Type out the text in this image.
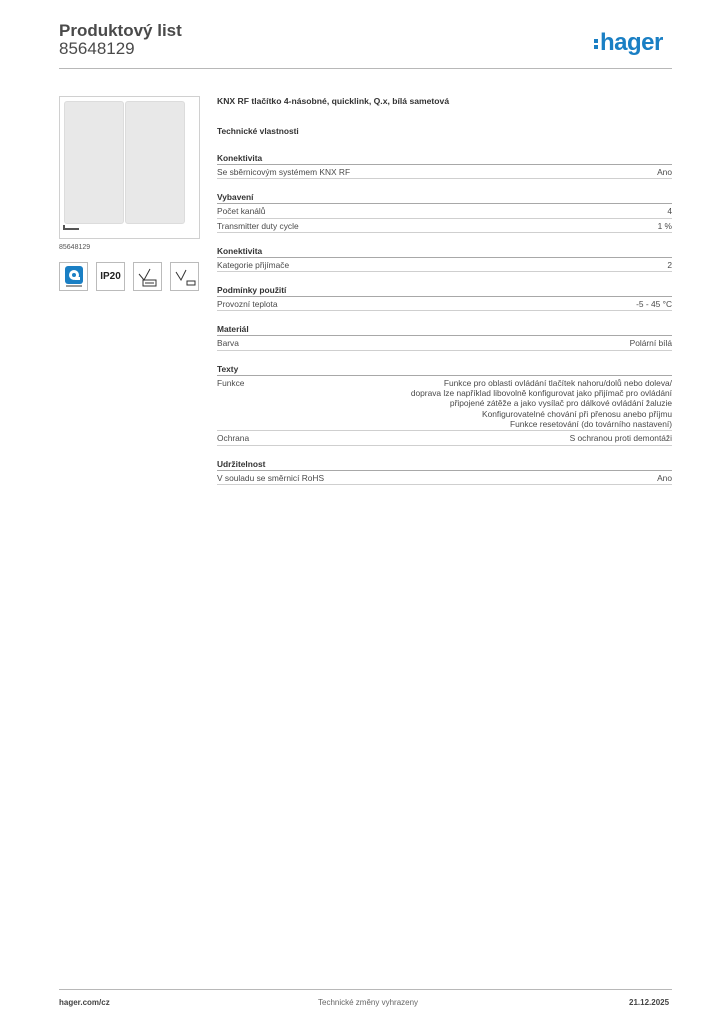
Produktový list
85648129	hager
85648129
IP20
KNX RF tlačítko 4-násobné, quicklink, Q.x, bílá sametová
Technické vlastnosti
Konektivita
Se sběrnicovým systémem KNX RF	Ano
Vybavení
Počet kanálů	4
Transmitter duty cycle	1 %
Konektivita
Kategorie přijímače	2
Podmínky použití
Provozní teplota	-5 - 45 °C
Materiál
Barva	Polární bílá
Texty
Funkce	Funkce pro oblasti ovládání tlačítek nahoru/dolů nebo doleva/
doprava lze například libovolně konfigurovat jako přijímač pro ovládání
připojené zátěže a jako vysílač pro dálkové ovládání žaluzie
Konfigurovatelné chování při přenosu anebo příjmu
Funkce resetování (do továrního nastavení)
Ochrana	S ochranou proti demontáži
Udržitelnost
V souladu se směrnicí RoHS	Ano
hager.com/cz	Technické změny vyhrazeny	21.12.2025
